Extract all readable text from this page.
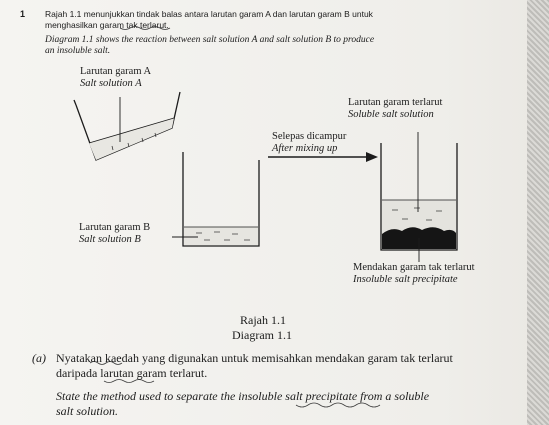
1 Rajah 1.1 menunjukkan tindak balas antara larutan garam A dan larutan garam B untuk
menghasilkan garam tak terlarut.
Diagram 1.1 shows the reaction between salt solution A and salt solution B to produce
an insoluble salt.
Larutan garam A
Salt solution A
Larutan garam terlarut
Soluble salt solution
Selepas dicampur
After mixing up
Larutan garam B
Salt solution B
Mendakan garam tak terlarut
Insoluble salt precipitate
Rajah 1.1
Diagram 1.1
(a) Nyatakan kaedah yang digunakan untuk memisahkan mendakan garam tak terlarut
daripada larutan garam terlarut.
State the method used to separate the insoluble salt precipitate from a soluble
salt solution.
